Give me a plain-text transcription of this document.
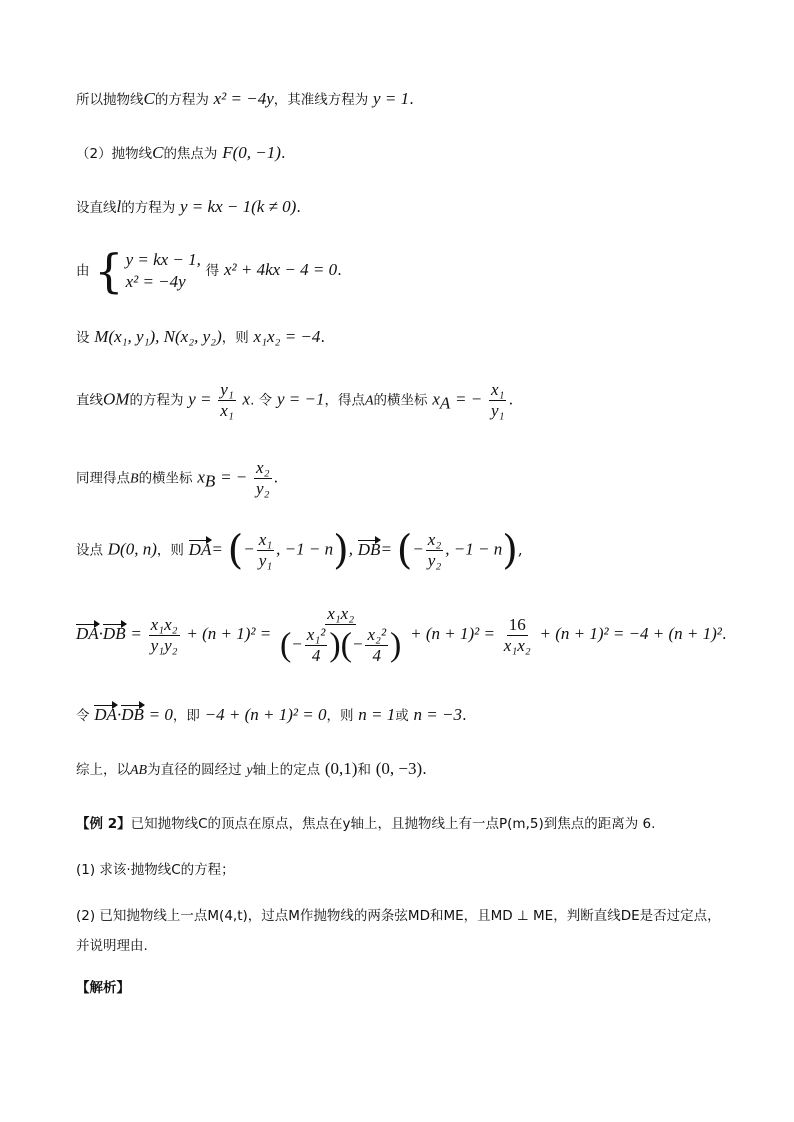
所以抛物线C的方程为 x² = −4y，其准线方程为 y = 1.
（2）抛物线C的焦点为 F(0, −1).
设直线l的方程为 y = kx − 1(k ≠ 0).
由 { y = kx − 1,
x² = −4y
得 x² + 4kx − 4 = 0.
设 M(x₁, y₁), N(x₂, y₂)，则 x₁x₂ = −4.
直线OM的方程为 $y = \frac{\text{y₁}}{\text{x₁}} x$. 令 y = −1，得点A的横坐标 $x_A$ = − $\frac{\text{x₁}}{\text{y₁}}$ .
同理得点B的横坐标 $x_B$ = − $\frac{\text{x₂}}{\text{y₂}}$ .
设点 D(0, n)，则 DA= (− $\frac{\text{x₁}}{\text{y₁}}$ , −1 − n), DB= (− $\frac{\text{x₂}}{\text{y₂}}$ , −1 − n),
$DA\cdot DB = \frac{\text{x₁x₂}}{\text{y₁y₂}} + (n + 1)^2 = \frac{\text{x₁x₂}}{(- \frac{\text{x₁²}}{4} )(- \frac{\text{x₂²}}{4} )} + (n + 1)^2 = \frac{16}{\text{x₁x₂}} + (n + 1)^2 = -4 + (n + 1)^2$.
令 DA·DB = 0，即 −4 + (n + 1)² = 0，则 n = 1或 n = −3.
综上，以AB为直径的圆经过 y轴上的定点 (0,1)和 (0, −3).
【例 2】已知抛物线C的顶点在原点，焦点在y轴上，且抛物线上有一点P(m,5)到焦点的距离为 6.
(1) 求该·抛物线C的方程；
(2) 已知抛物线上一点M(4,t)，过点M作抛物线的两条弦MD和ME，且MD ⊥ ME，判断直线DE是否过定点，
并说明理由.
【解析】
